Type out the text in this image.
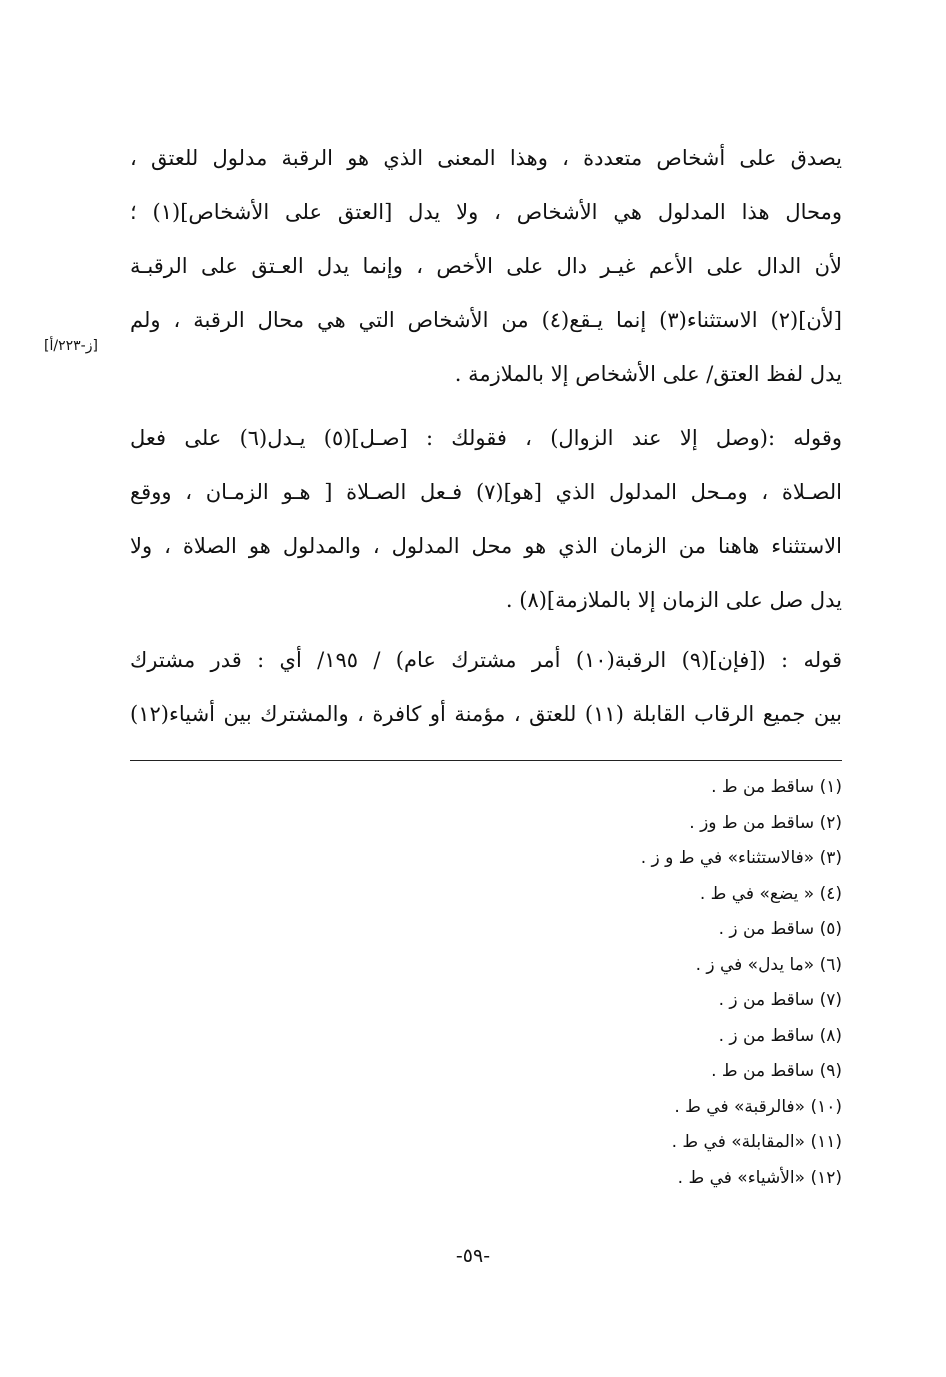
يصدق على أشخاص متعددة ، وهذا المعنى الذي هو الرقبة مدلول للعتق ،
ومحال هذا المدلول هي الأشخاص ، ولا يدل [العتق على الأشخاص](١) ؛
لأن الدال على الأعم غيـر دال على الأخص ، وإنما يدل العـتق على الرقبـة
[لأن](٢) الاستثناء(٣) إنما يـقع(٤) من الأشخاص التي هي محال الرقبة ، ولم
يدل لفظ العتق/ على الأشخاص إلا بالملازمة .
[ز-٢٢٣/أ]
وقوله :(وصل إلا عند الزوال) ، فقولك : [صـل](٥) يـدل(٦) على فعل
الصـلاة ، ومـحل المدلول الذي [هو](٧) فـعل الصـلاة [ هـو الزمـان ، ووقع
الاستثناء هاهنا من الزمان الذي هو محل المدلول ، والمدلول هو الصلاة ، ولا
يدل صل على الزمان إلا بالملازمة](٨) .
قوله : ([فإن](٩) الرقبة(١٠) أمر مشترك عام) / ١٩٥/ أي : قدر مشترك
بين جميع الرقاب القابلة (١١) للعتق ، مؤمنة أو كافرة ، والمشترك بين أشياء(١٢)
(١) ساقط من ط .
(٢) ساقط من ط وز .
(٣) «فالاستثناء» في ط و ز .
(٤) « يضع» في ط .
(٥) ساقط من ز .
(٦) «ما يدل» في ز .
(٧) ساقط من ز .
(٨) ساقط من ز .
(٩) ساقط من ط .
(١٠) «فالرقبة» في ط .
(١١) «المقابلة» في ط .
(١٢) «الأشياء» في ط .
-٥٩-
